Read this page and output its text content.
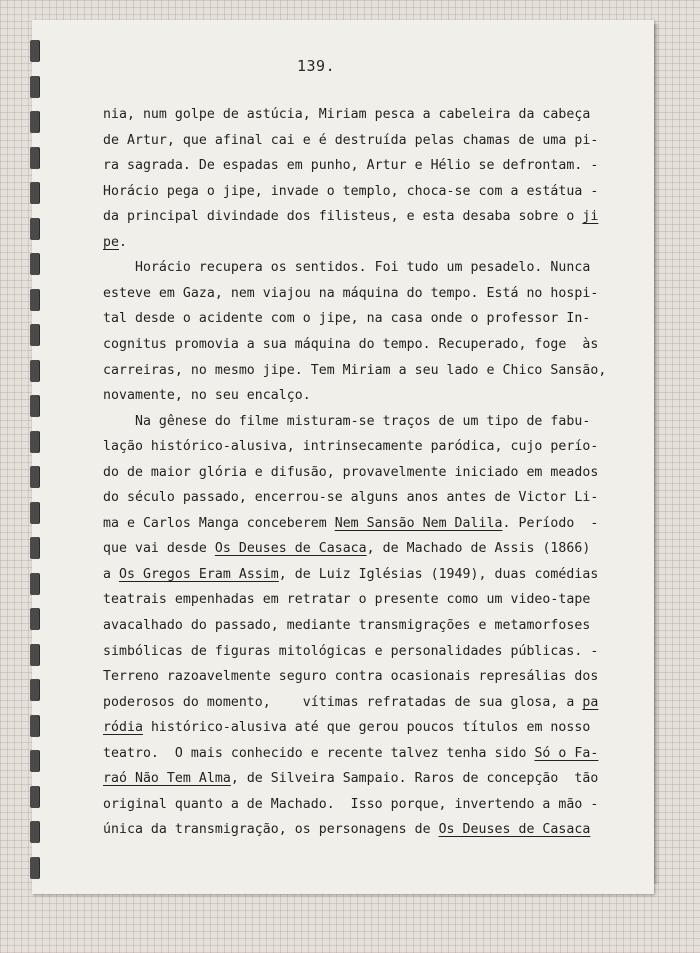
139.
nia, num golpe de astúcia, Miriam pesca a cabeleira da cabeça
de Artur, que afinal cai e é destruída pelas chamas de uma pi-
ra sagrada. De espadas em punho, Artur e Hélio se defrontam. -
Horácio pega o jipe, invade o templo, choca-se com a estátua -
da principal divindade dos filisteus, e esta desaba sobre o ji
pe.
Horácio recupera os sentidos. Foi tudo um pesadelo. Nunca
esteve em Gaza, nem viajou na máquina do tempo. Está no hospi-
tal desde o acidente com o jipe, na casa onde o professor In-
cognitus promovia a sua máquina do tempo. Recuperado, foge  às
carreiras, no mesmo jipe. Tem Miriam a seu lado e Chico Sansão,
novamente, no seu encalço.
Na gênese do filme misturam-se traços de um tipo de fabu-
lação histórico-alusiva, intrinsecamente paródica, cujo perío-
do de maior glória e difusão, provavelmente iniciado em meados
do século passado, encerrou-se alguns anos antes de Victor Li-
ma e Carlos Manga conceberem Nem Sansão Nem Dalila. Período  -
que vai desde Os Deuses de Casaca, de Machado de Assis (1866)
a Os Gregos Eram Assim, de Luiz Iglésias (1949), duas comédias
teatrais empenhadas em retratar o presente como um video-tape
avacalhado do passado, mediante transmigrações e metamorfoses
simbólicas de figuras mitológicas e personalidades públicas. -
Terreno razoavelmente seguro contra ocasionais represálias dos
poderosos do momento,    vítimas refratadas de sua glosa, a pa
ródia histórico-alusiva até que gerou poucos títulos em nosso
teatro.  O mais conhecido e recente talvez tenha sido Só o Fa-
raó Não Tem Alma, de Silveira Sampaio. Raros de concepção  tão
original quanto a de Machado.  Isso porque, invertendo a mão -
única da transmigração, os personagens de Os Deuses de Casaca
